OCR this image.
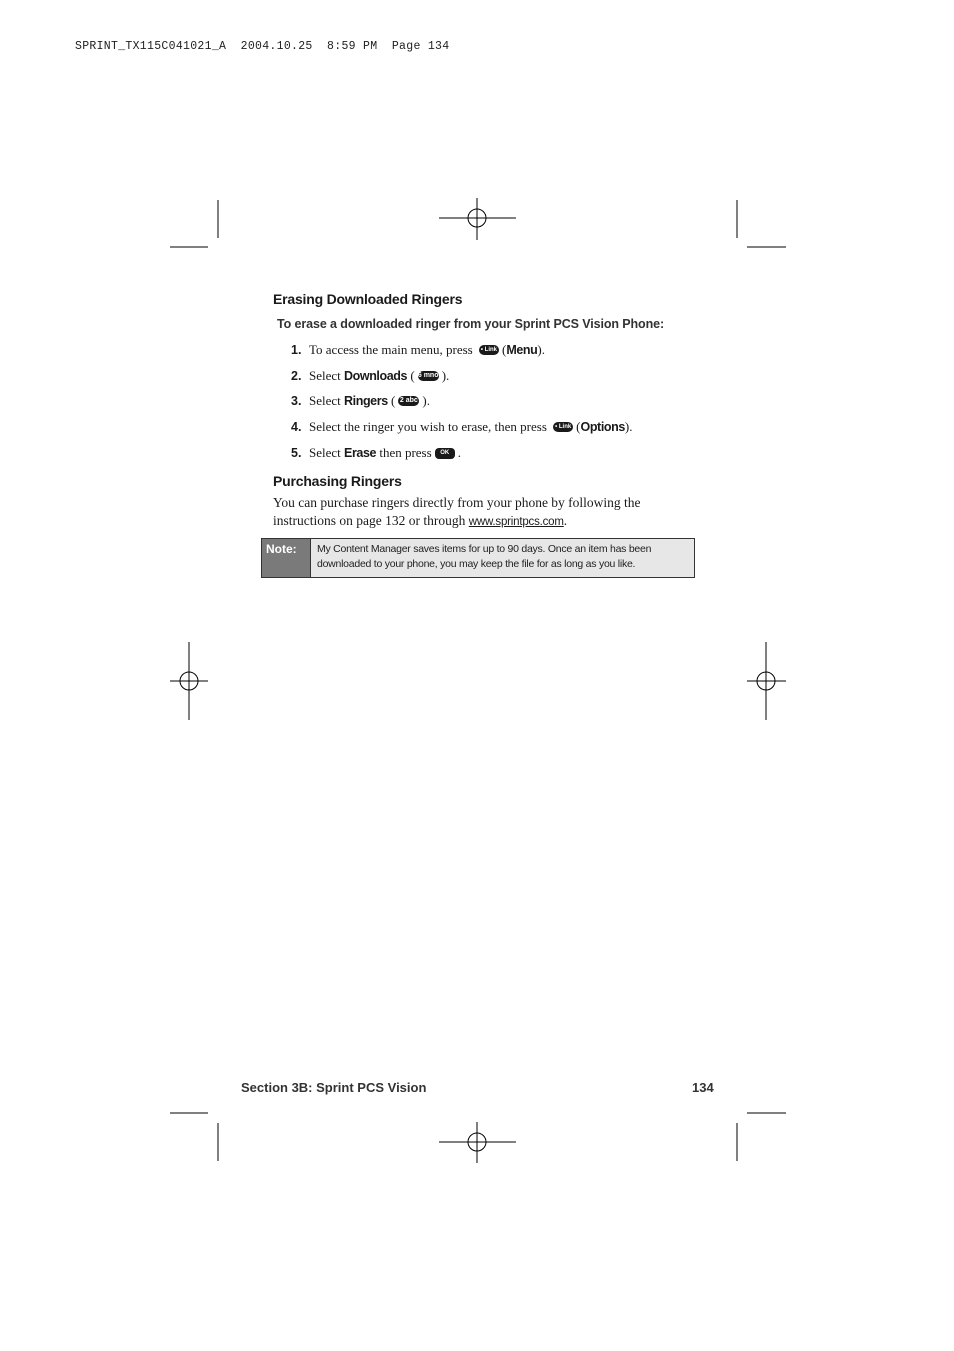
SPRINT_TX115C041021_A  2004.10.25  8:59 PM  Page 134
Erasing Downloaded Ringers
To erase a downloaded ringer from your Sprint PCS Vision Phone:
1. To access the main menu, press
	• Link ( Menu ).
2. Select
Downloads
( 6 mno ).
3. Select
Ringers
( 2 abc ).
4. Select the ringer you wish to erase, then press
	• Link ( Options ).
5. Select
Erase
then press	OK .
Purchasing Ringers
You can purchase ringers directly from your phone by following the instructions on page 132 or through www.sprintpcs.com.
Note:	My Content Manager saves items for up to 90 days. Once an item has been downloaded to your phone, you may keep the file for as long as you like.
Section 3B: Sprint PCS Vision	134
